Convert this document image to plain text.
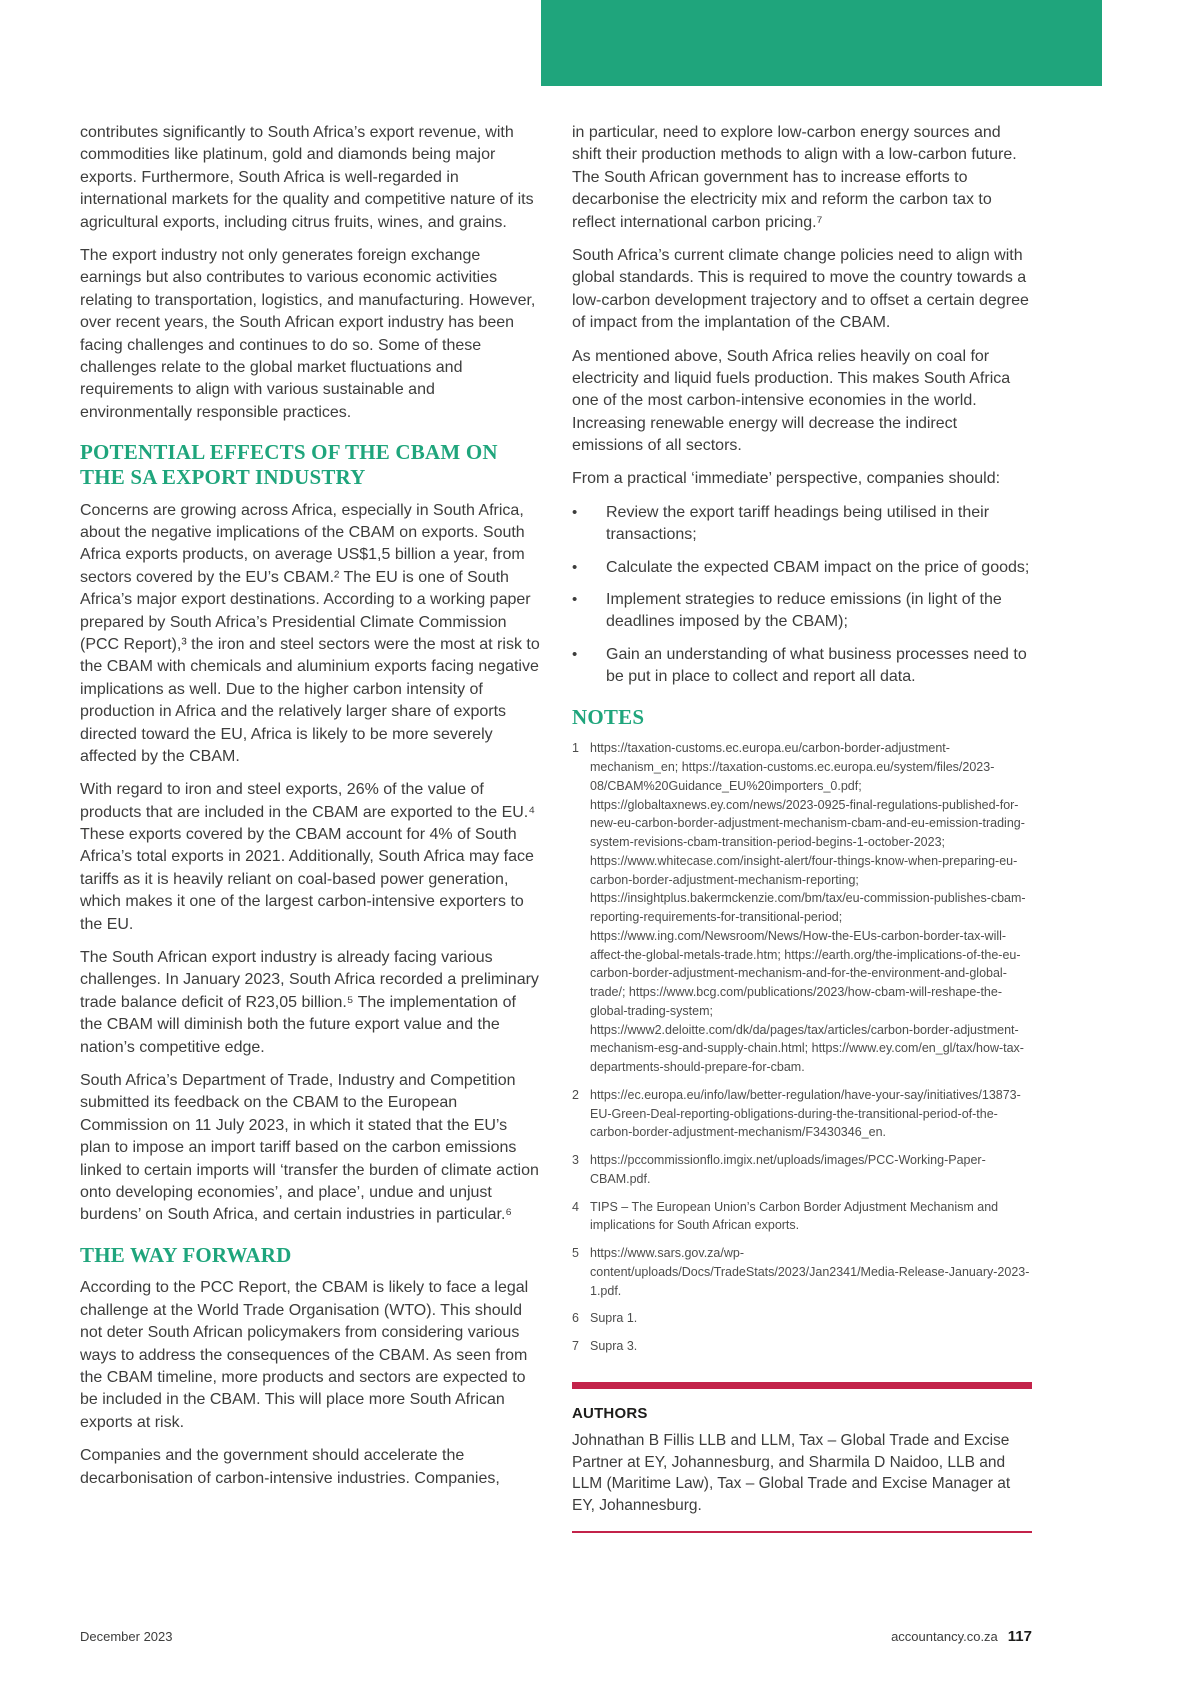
contributes significantly to South Africa’s export revenue, with commodities like platinum, gold and diamonds being major exports. Furthermore, South Africa is well-regarded in international markets for the quality and competitive nature of its agricultural exports, including citrus fruits, wines, and grains.

The export industry not only generates foreign exchange earnings but also contributes to various economic activities relating to transportation, logistics, and manufacturing. However, over recent years, the South African export industry has been facing challenges and continues to do so. Some of these challenges relate to the global market fluctuations and requirements to align with various sustainable and environmentally responsible practices.

POTENTIAL EFFECTS OF THE CBAM ON THE SA EXPORT INDUSTRY

Concerns are growing across Africa, especially in South Africa, about the negative implications of the CBAM on exports. South Africa exports products, on average US$1,5 billion a year, from sectors covered by the EU’s CBAM.² The EU is one of South Africa’s major export destinations. According to a working paper prepared by South Africa’s Presidential Climate Commission (PCC Report),³ the iron and steel sectors were the most at risk to the CBAM with chemicals and aluminium exports facing negative implications as well. Due to the higher carbon intensity of production in Africa and the relatively larger share of exports directed toward the EU, Africa is likely to be more severely affected by the CBAM.

With regard to iron and steel exports, 26% of the value of products that are included in the CBAM are exported to the EU.⁴ These exports covered by the CBAM account for 4% of South Africa’s total exports in 2021. Additionally, South Africa may face tariffs as it is heavily reliant on coal-based power generation, which makes it one of the largest carbon-intensive exporters to the EU.

The South African export industry is already facing various challenges. In January 2023, South Africa recorded a preliminary trade balance deficit of R23,05 billion.⁵ The implementation of the CBAM will diminish both the future export value and the nation’s competitive edge.

South Africa’s Department of Trade, Industry and Competition submitted its feedback on the CBAM to the European Commission on 11 July 2023, in which it stated that the EU’s plan to impose an import tariff based on the carbon emissions linked to certain imports will ‘transfer the burden of climate action onto developing economies’, and place’, undue and unjust burdens’ on South Africa, and certain industries in particular.⁶

THE WAY FORWARD

According to the PCC Report, the CBAM is likely to face a legal challenge at the World Trade Organisation (WTO). This should not deter South African policymakers from considering various ways to address the consequences of the CBAM. As seen from the CBAM timeline, more products and sectors are expected to be included in the CBAM. This will place more South African exports at risk.

Companies and the government should accelerate the decarbonisation of carbon-intensive industries. Companies,

in particular, need to explore low-carbon energy sources and shift their production methods to align with a low-carbon future. The South African government has to increase efforts to decarbonise the electricity mix and reform the carbon tax to reflect international carbon pricing.⁷

South Africa’s current climate change policies need to align with global standards. This is required to move the country towards a low-carbon development trajectory and to offset a certain degree of impact from the implantation of the CBAM.

As mentioned above, South Africa relies heavily on coal for electricity and liquid fuels production. This makes South Africa one of the most carbon-intensive economies in the world. Increasing renewable energy will decrease the indirect emissions of all sectors.

From a practical ‘immediate’ perspective, companies should:

•	Review the export tariff headings being utilised in their transactions;
•	Calculate the expected CBAM impact on the price of goods;
•	Implement strategies to reduce emissions (in light of the deadlines imposed by the CBAM);
•	Gain an understanding of what business processes need to be put in place to collect and report all data.
NOTES
1 https://taxation-customs.ec.europa.eu/carbon-border-adjustment-mechanism_en; https://taxation-customs.ec.europa.eu/system/files/2023-08/CBAM%20Guidance_EU%20importers_0.pdf; https://globaltaxnews.ey.com/news/2023-0925-final-regulations-published-for-new-eu-carbon-border-adjustment-mechanism-cbam-and-eu-emission-trading-system-revisions-cbam-transition-period-begins-1-october-2023; https://www.whitecase.com/insight-alert/four-things-know-when-preparing-eu-carbon-border-adjustment-mechanism-reporting; https://insightplus.bakermckenzie.com/bm/tax/eu-commission-publishes-cbam-reporting-requirements-for-transitional-period; https://www.ing.com/Newsroom/News/How-the-EUs-carbon-border-tax-will-affect-the-global-metals-trade.htm; https://earth.org/the-implications-of-the-eu-carbon-border-adjustment-mechanism-and-for-the-environment-and-global-trade/; https://www.bcg.com/publications/2023/how-cbam-will-reshape-the-global-trading-system; https://www2.deloitte.com/dk/da/pages/tax/articles/carbon-border-adjustment-mechanism-esg-and-supply-chain.html; https://www.ey.com/en_gl/tax/how-tax-departments-should-prepare-for-cbam.
2 https://ec.europa.eu/info/law/better-regulation/have-your-say/initiatives/13873-EU-Green-Deal-reporting-obligations-during-the-transitional-period-of-the-carbon-border-adjustment-mechanism/F3430346_en.
3 https://pccommissionflo.imgix.net/uploads/images/PCC-Working-Paper-CBAM.pdf.
4 TIPS – The European Union’s Carbon Border Adjustment Mechanism and implications for South African exports.
5 https://www.sars.gov.za/wp-content/uploads/Docs/TradeStats/2023/Jan2341/Media-Release-January-2023-1.pdf.
6 Supra 1.
7 Supra 3.
AUTHORS

Johnathan B Fillis LLB and LLM, Tax – Global Trade and Excise Partner at EY, Johannesburg, and Sharmila D Naidoo, LLB and LLM (Maritime Law), Tax – Global Trade and Excise Manager at EY, Johannesburg.

December 2023	accountancy.co.za 117
